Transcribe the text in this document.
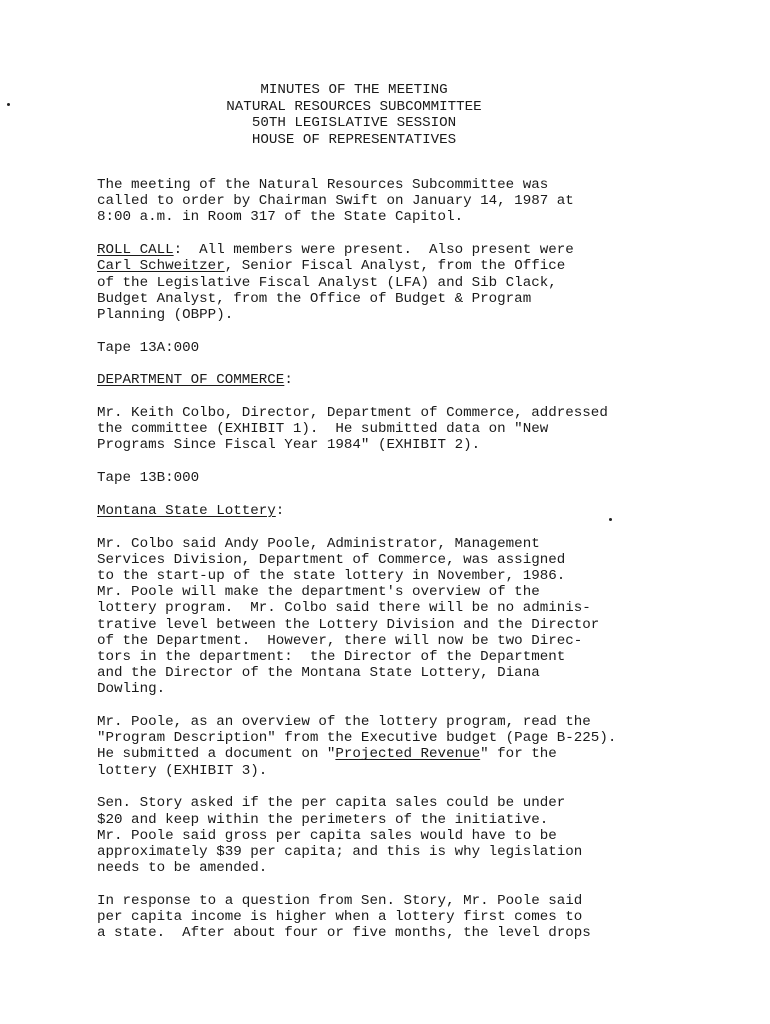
MINUTES OF THE MEETING
NATURAL RESOURCES SUBCOMMITTEE
50TH LEGISLATIVE SESSION
HOUSE OF REPRESENTATIVES
The meeting of the Natural Resources Subcommittee was
called to order by Chairman Swift on January 14, 1987 at
8:00 a.m. in Room 317 of the State Capitol.
ROLL CALL:  All members were present.  Also present were
Carl Schweitzer, Senior Fiscal Analyst, from the Office
of the Legislative Fiscal Analyst (LFA) and Sib Clack,
Budget Analyst, from the Office of Budget & Program
Planning (OBPP).
Tape 13A:000
DEPARTMENT OF COMMERCE:
Mr. Keith Colbo, Director, Department of Commerce, addressed
the committee (EXHIBIT 1).  He submitted data on "New
Programs Since Fiscal Year 1984" (EXHIBIT 2).
Tape 13B:000
Montana State Lottery:
Mr. Colbo said Andy Poole, Administrator, Management
Services Division, Department of Commerce, was assigned
to the start-up of the state lottery in November, 1986.
Mr. Poole will make the department's overview of the
lottery program.  Mr. Colbo said there will be no adminis-
trative level between the Lottery Division and the Director
of the Department.  However, there will now be two Direc-
tors in the department:  the Director of the Department
and the Director of the Montana State Lottery, Diana
Dowling.
Mr. Poole, as an overview of the lottery program, read the
"Program Description" from the Executive budget (Page B-225).
He submitted a document on "Projected Revenue" for the
lottery (EXHIBIT 3).
Sen. Story asked if the per capita sales could be under
$20 and keep within the perimeters of the initiative.
Mr. Poole said gross per capita sales would have to be
approximately $39 per capita; and this is why legislation
needs to be amended.
In response to a question from Sen. Story, Mr. Poole said
per capita income is higher when a lottery first comes to
a state.  After about four or five months, the level drops
